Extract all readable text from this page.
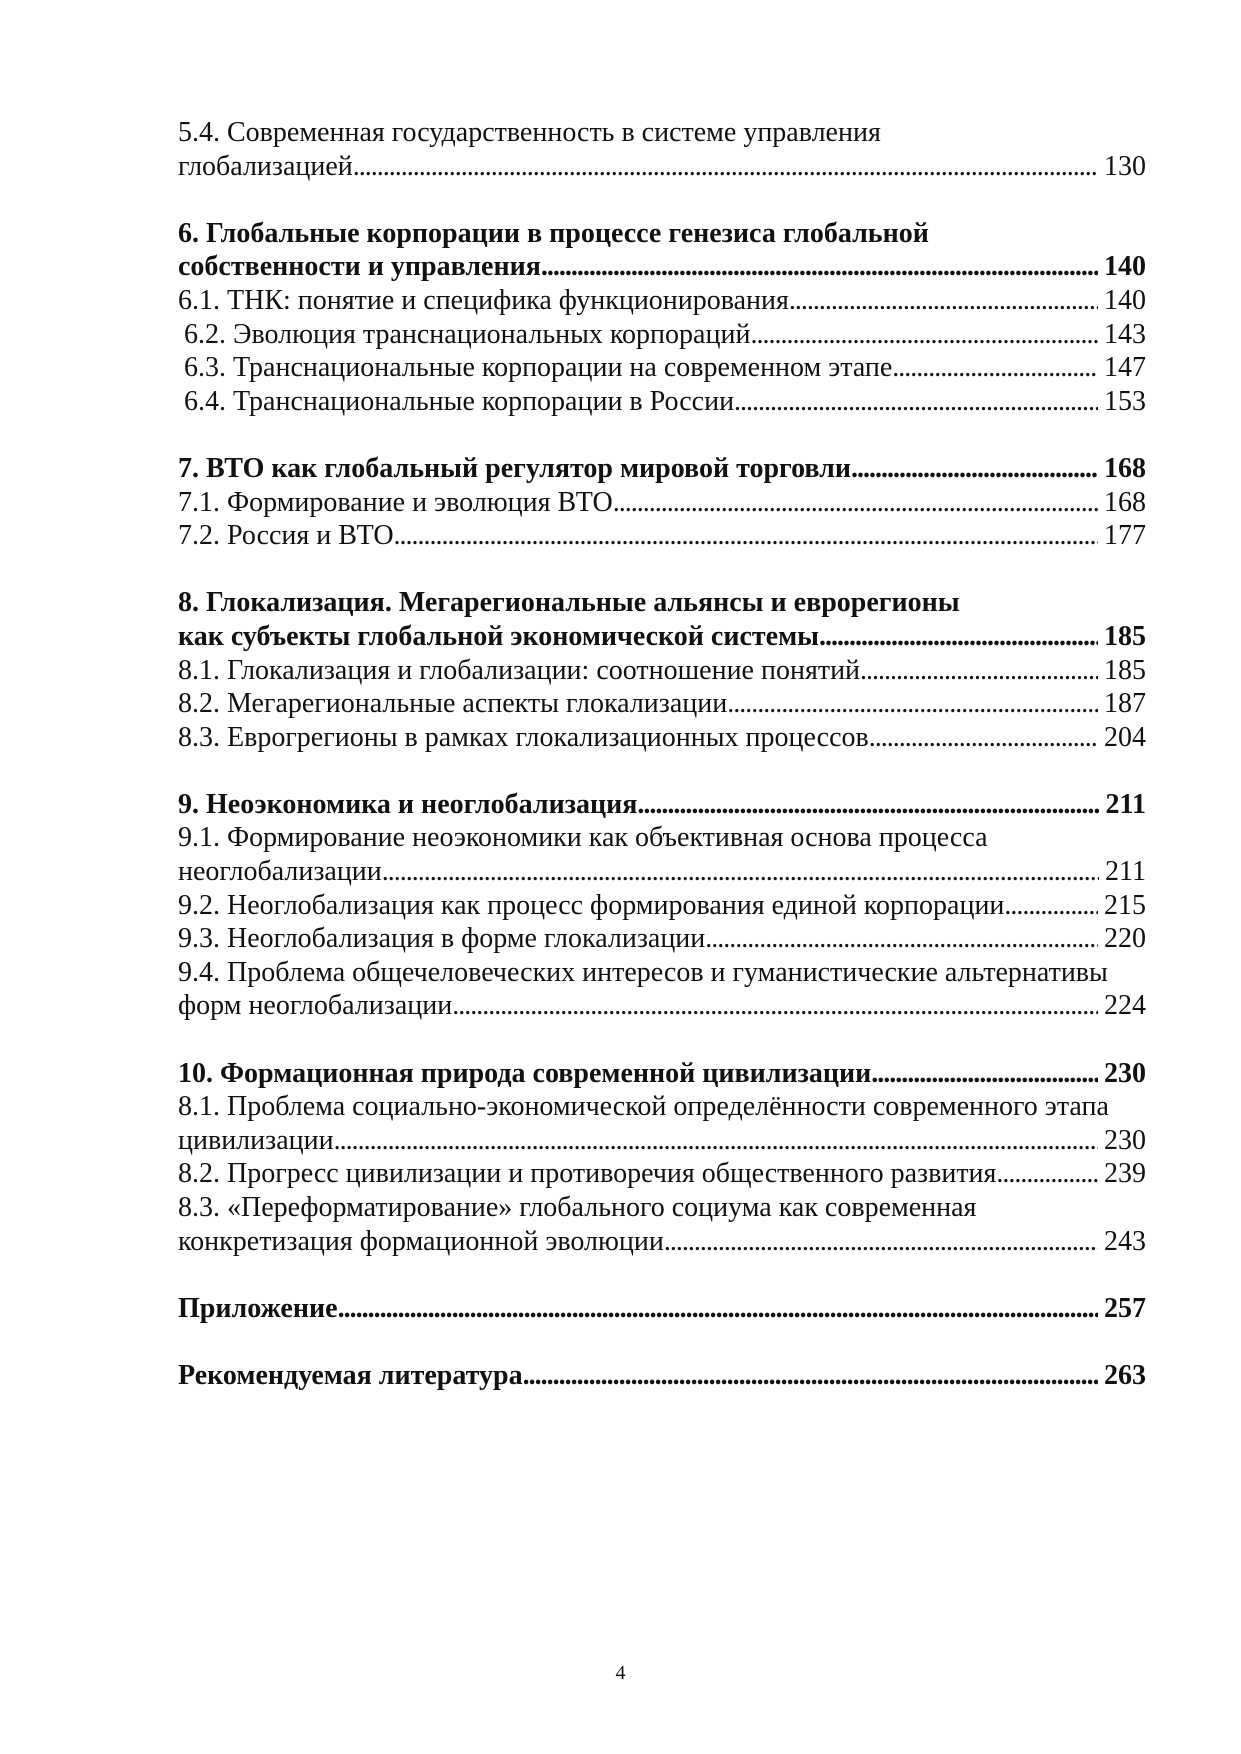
5.4. Современная государственность в системе управления
глобализацией . . .	130
6. Глобальные корпорации в процессе генезиса глобальной
собственности и управления . . .	140
6.1. ТНК: понятие и специфика функционирования . . .	140
6.2. Эволюция транснациональных корпораций . . .	143
6.3. Транснациональные корпорации на современном этапе . . .	147
6.4. Транснациональные корпорации в России . . .	153
7. ВТО как глобальный регулятор мировой торговли . . .	168
7.1. Формирование и эволюция ВТО . . .	168
7.2. Россия и ВТО . . .	177
8. Глокализация. Мегарегиональные альянсы и еврорегионы
как субъекты глобальной экономической системы . . .	185
8.1. Глокализация и глобализации: соотношение понятий . . .	185
8.2. Мегарегиональные аспекты глокализации . . .	187
8.3. Еврогрегионы в рамках глокализационных процессов . . .	204
9. Неоэкономика и неоглобализация . . .	211
9.1. Формирование неоэкономики как объективная основа процесса
неоглобализации . . .	211
9.2. Неоглобализация как процесс формирования единой корпорации . . .	215
9.3. Неоглобализация в форме глокализации . . .	220
9.4. Проблема общечеловеческих интересов и гуманистические альтернативы
форм неоглобализации . . .	224
10. Формационная природа современной цивилизации . . .	230
8.1. Проблема социально-экономической определённости современного этапа
цивилизации . . .	230
8.2. Прогресс цивилизации и противоречия общественного развития . . .	239
8.3. «Переформатирование» глобального социума как современная
конкретизация формационной эволюции . . .	243
Приложение . . .	257
Рекомендуемая литература . . .	263
4
